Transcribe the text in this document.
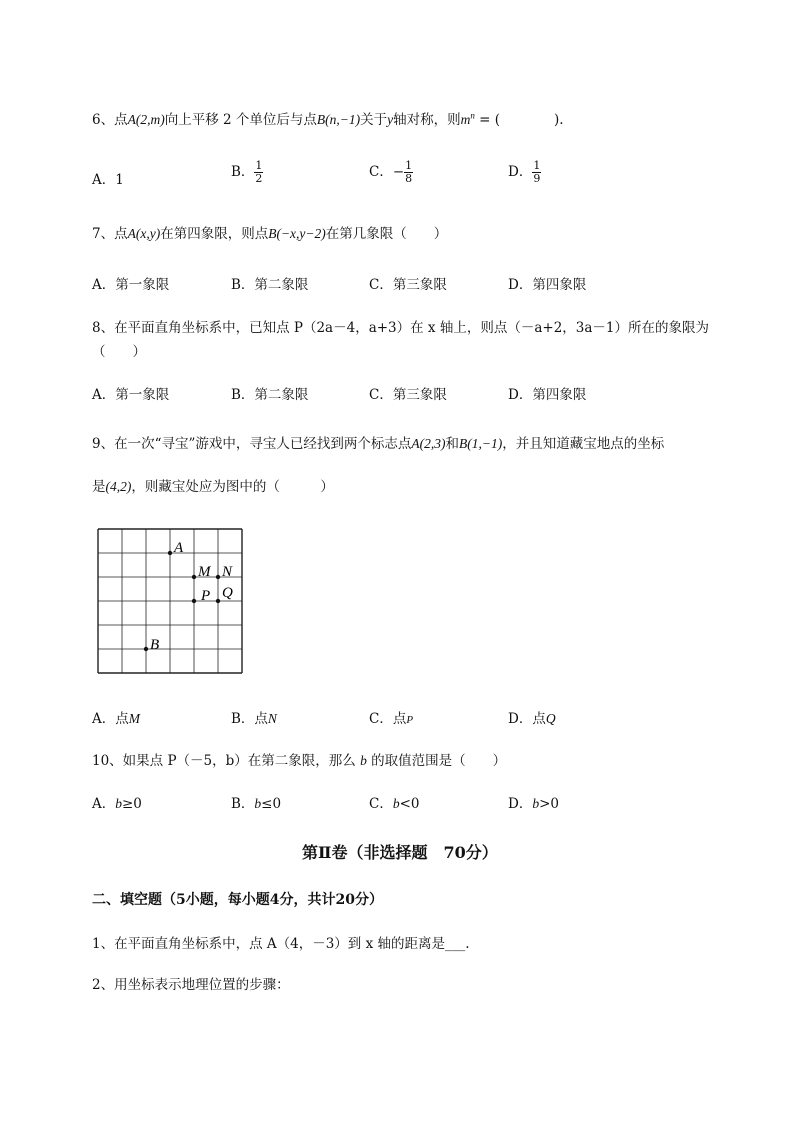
6、点A(2,m)向上平移 2 个单位后与点B(n,−1)关于y轴对称，则$m^n$ = (　　　　).
A．1	B． $\frac{1}{2}$	C．− $\frac{1}{8}$	D． $\frac{1}{9}$
7、点A(x,y)在第四象限，则点B(−x,y−2)在第几象限（　　）
A．第一象限	B．第二象限	C．第三象限	D．第四象限
8、在平面直角坐标系中，已知点 P（2a－4，a+3）在 x 轴上，则点（－a+2，3a－1）所在的象限为
（　　）
A．第一象限	B．第二象限	C．第三象限	D．第四象限
9、在一次“寻宝”游戏中，寻宝人已经找到两个标志点A(2,3)和B(1,−1)，并且知道藏宝地点的坐标
是(4,2)，则藏宝处应为图中的（　　　）
A
M N
P Q
B
A．点M	B．点N	C．点P	D．点Q
10、如果点 P（－5，b）在第二象限，那么 b 的取值范围是（　　）
A．b≥0	B．b≤0	C．b<0	D．b>0
第Ⅱ卷（非选择题　70分）
二、填空题（5小题，每小题4分，共计20分）
1、在平面直角坐标系中，点 A（4，－3）到 x 轴的距离是___.
2、用坐标表示地理位置的步骤：
